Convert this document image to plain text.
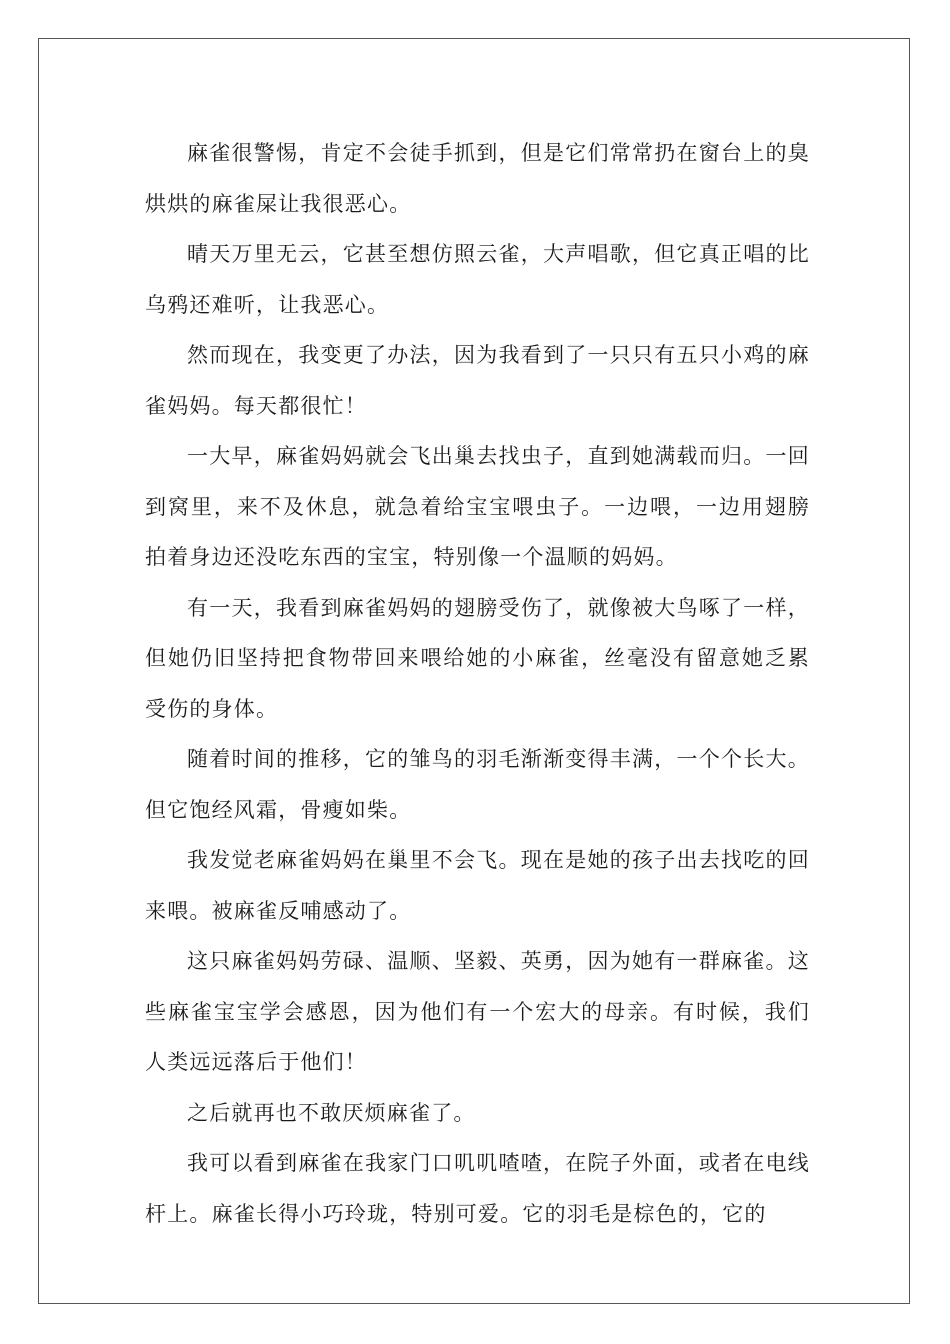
麻雀很警惕，肯定不会徒手抓到，但是它们常常扔在窗台上的臭烘烘的麻雀屎让我很恶心。

晴天万里无云，它甚至想仿照云雀，大声唱歌，但它真正唱的比乌鸦还难听，让我恶心。

然而现在，我变更了办法，因为我看到了一只只有五只小鸡的麻雀妈妈。每天都很忙！

一大早，麻雀妈妈就会飞出巢去找虫子，直到她满载而归。一回到窝里，来不及休息，就急着给宝宝喂虫子。一边喂，一边用翅膀拍着身边还没吃东西的宝宝，特别像一个温顺的妈妈。

有一天，我看到麻雀妈妈的翅膀受伤了，就像被大鸟啄了一样，但她仍旧坚持把食物带回来喂给她的小麻雀，丝毫没有留意她乏累受伤的身体。

随着时间的推移，它的雏鸟的羽毛渐渐变得丰满，一个个长大。但它饱经风霜，骨瘦如柴。

我发觉老麻雀妈妈在巢里不会飞。现在是她的孩子出去找吃的回来喂。被麻雀反哺感动了。

这只麻雀妈妈劳碌、温顺、坚毅、英勇，因为她有一群麻雀。这些麻雀宝宝学会感恩，因为他们有一个宏大的母亲。有时候，我们人类远远落后于他们！

之后就再也不敢厌烦麻雀了。

我可以看到麻雀在我家门口叽叽喳喳，在院子外面，或者在电线杆上。麻雀长得小巧玲珑，特别可爱。它的羽毛是棕色的，它的
